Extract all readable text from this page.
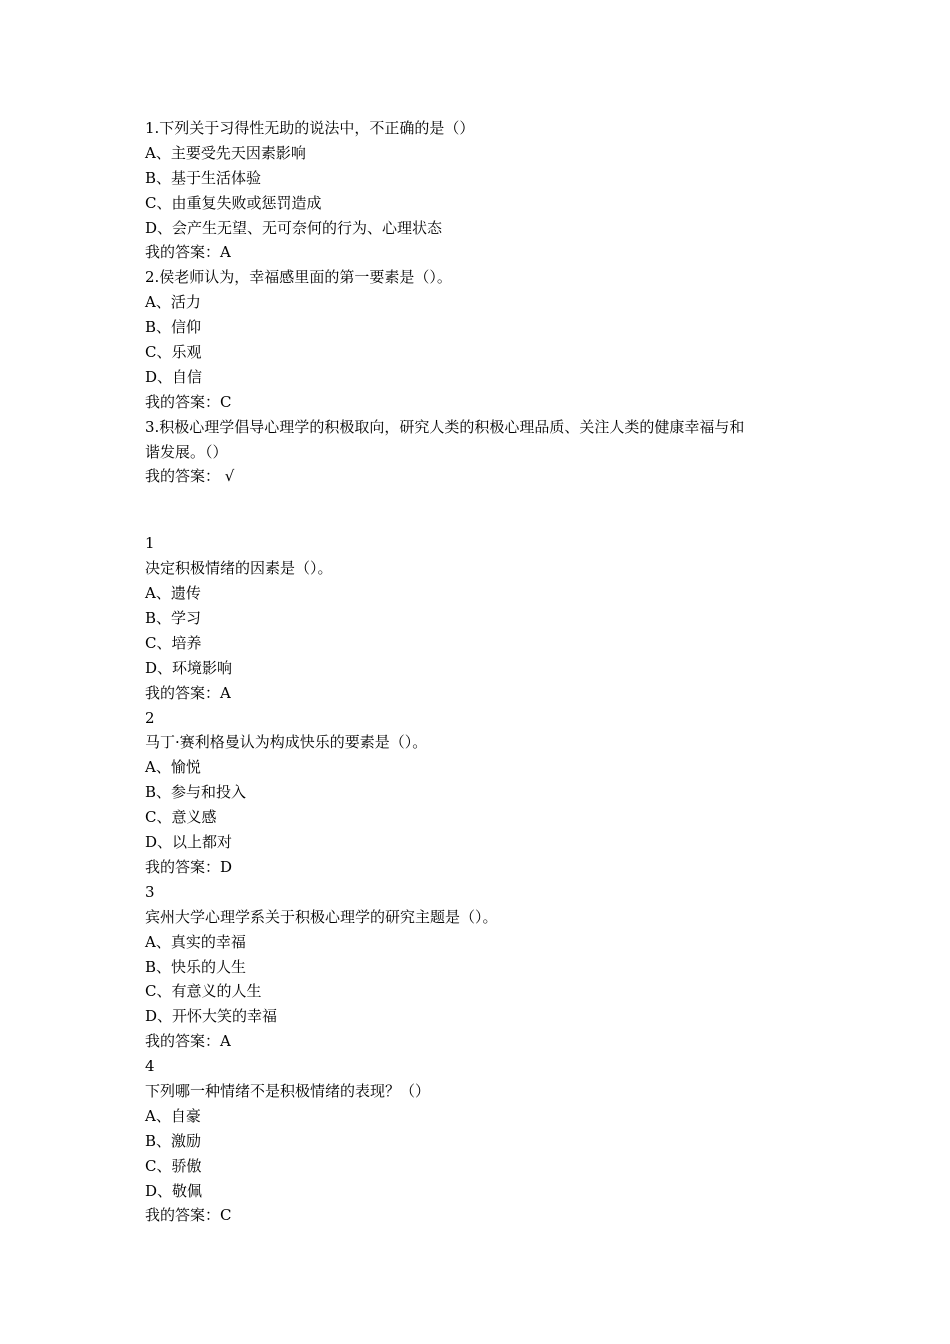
1.下列关于习得性无助的说法中，不正确的是（）
A、主要受先天因素影响
B、基于生活体验
C、由重复失败或惩罚造成
D、会产生无望、无可奈何的行为、心理状态
我的答案：A
2.侯老师认为，幸福感里面的第一要素是（）。
A、活力
B、信仰
C、乐观
D、自信
我的答案：C
3.积极心理学倡导心理学的积极取向，研究人类的积极心理品质、关注人类的健康幸福与和
谐发展。（）
我的答案： √
1
决定积极情绪的因素是（）。
A、遗传
B、学习
C、培养
D、环境影响
我的答案：A
2
马丁·赛利格曼认为构成快乐的要素是（）。
A、愉悦
B、参与和投入
C、意义感
D、以上都对
我的答案：D
3
宾州大学心理学系关于积极心理学的研究主题是（）。
A、真实的幸福
B、快乐的人生
C、有意义的人生
D、开怀大笑的幸福
我的答案：A
4
下列哪一种情绪不是积极情绪的表现？（）
A、自豪
B、激励
C、骄傲
D、敬佩
我的答案：C
